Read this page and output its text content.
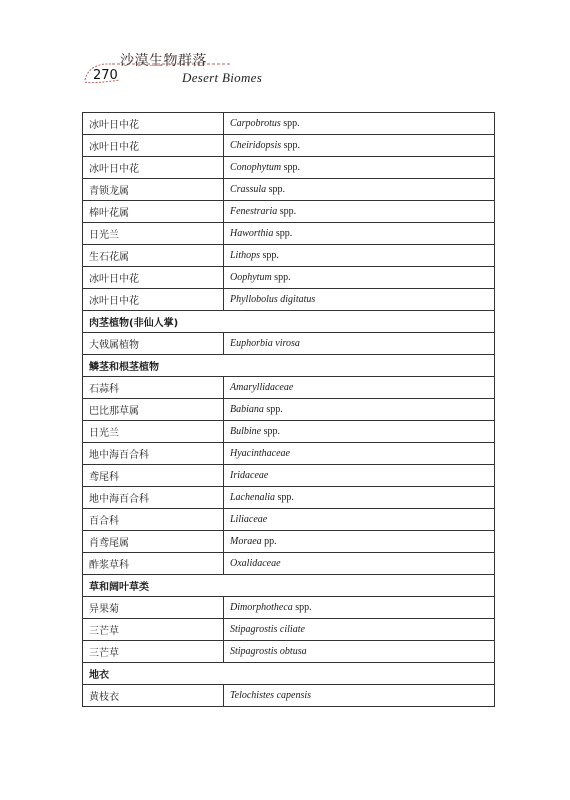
沙漠生物群落
270	Desert Biomes
冰叶日中花	Carpobrotus spp.
冰叶日中花	Cheiridopsis spp.
冰叶日中花	Conophytum spp.
青锁龙属	Crassula spp.
棒叶花属	Fenestraria spp.
日光兰	Haworthia spp.
生石花属	Lithops spp.
冰叶日中花	Oophytum spp.
冰叶日中花	Phyllobolus digitatus
肉茎植物(非仙人掌)	
大戟属植物	Euphorbia virosa
鳞茎和根茎植物	
石蒜科	Amaryllidaceae
巴比那草属	Babiana spp.
日光兰	Bulbine spp.
地中海百合科	Hyacinthaceae
鸢尾科	Iridaceae
地中海百合科	Lachenalia spp.
百合科	Liliaceae
肖鸢尾属	Moraea pp.
酢浆草科	Oxalidaceae
草和阔叶草类	
异果菊	Dimorphotheca spp.
三芒草	Stipagrostis ciliate
三芒草	Stipagrostis obtusa
地衣	
黄枝衣	Telochistes capensis
